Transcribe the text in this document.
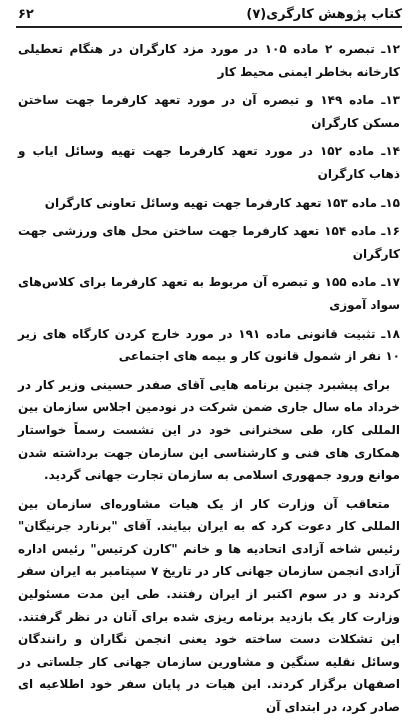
کتاب پژوهش کارگری(۷)
۶۲

۱۲ـ تبصره ۲ ماده ۱۰۵ در مورد مزد کارگران در هنگام تعطیلی کارخانه بخاطر ایمنی محیط کار

۱۳ـ ماده ۱۴۹ و تبصره آن در مورد تعهد کارفرما جهت ساختن مسکن کارگران

۱۴ـ ماده ۱۵۲ در مورد تعهد کارفرما جهت تهیه وسائل ایاب و ذهاب کارگران

۱۵ـ ماده ۱۵۳ تعهد کارفرما جهت تهیه وسائل تعاونی کارگران

۱۶ـ ماده ۱۵۴ تعهد کارفرما جهت ساختن محل های ورزشی جهت کارگران

۱۷ـ ماده ۱۵۵ و تبصره آن مربوط به تعهد کارفرما برای کلاس‌های سواد آموزی

۱۸ـ تثبیت قانونی ماده ۱۹۱ در مورد خارج کردن کارگاه های زیر ۱۰ نفر از شمول قانون کار و بیمه های اجتماعی

برای پیشبرد چنین برنامه هایی آقای صفدر حسینی وزیر کار در خرداد ماه سال جاری ضمن شرکت در نودمین اجلاس سازمان بین المللی کار، طی سخنرانی خود در این نشست رسماً خواستار همکاری های فنی و کارشناسی این سازمان جهت برداشته شدن موانع ورود جمهوری اسلامی به سازمان تجارت جهانی گردید.

متعاقب آن وزارت کار از یک هیات مشاوره‌ای سازمان بین المللی کار دعوت کرد که به ایران بیایند. آقای "برنارد جرنیگان" رئیس شاخه آزادی اتحادیه ها و خانم "کارن کرتیس" رئیس اداره آزادی انجمن سازمان جهانی کار در تاریخ ۷ سپتامبر به ایران سفر کردند و در سوم اکتبر از ایران رفتند. طی این مدت مسئولین وزارت کار یک بازدید برنامه ریزی شده برای آنان در نظر گرفتند. این تشکلات دست ساخته خود یعنی انجمن نگاران و رانندگان وسائل نقلیه سنگین و مشاورین سازمان جهانی کار جلساتی در اصفهان برگزار کردند. این هیات در پایان سفر خود اطلاعیه ای صادر کرد، در ابتدای آن
